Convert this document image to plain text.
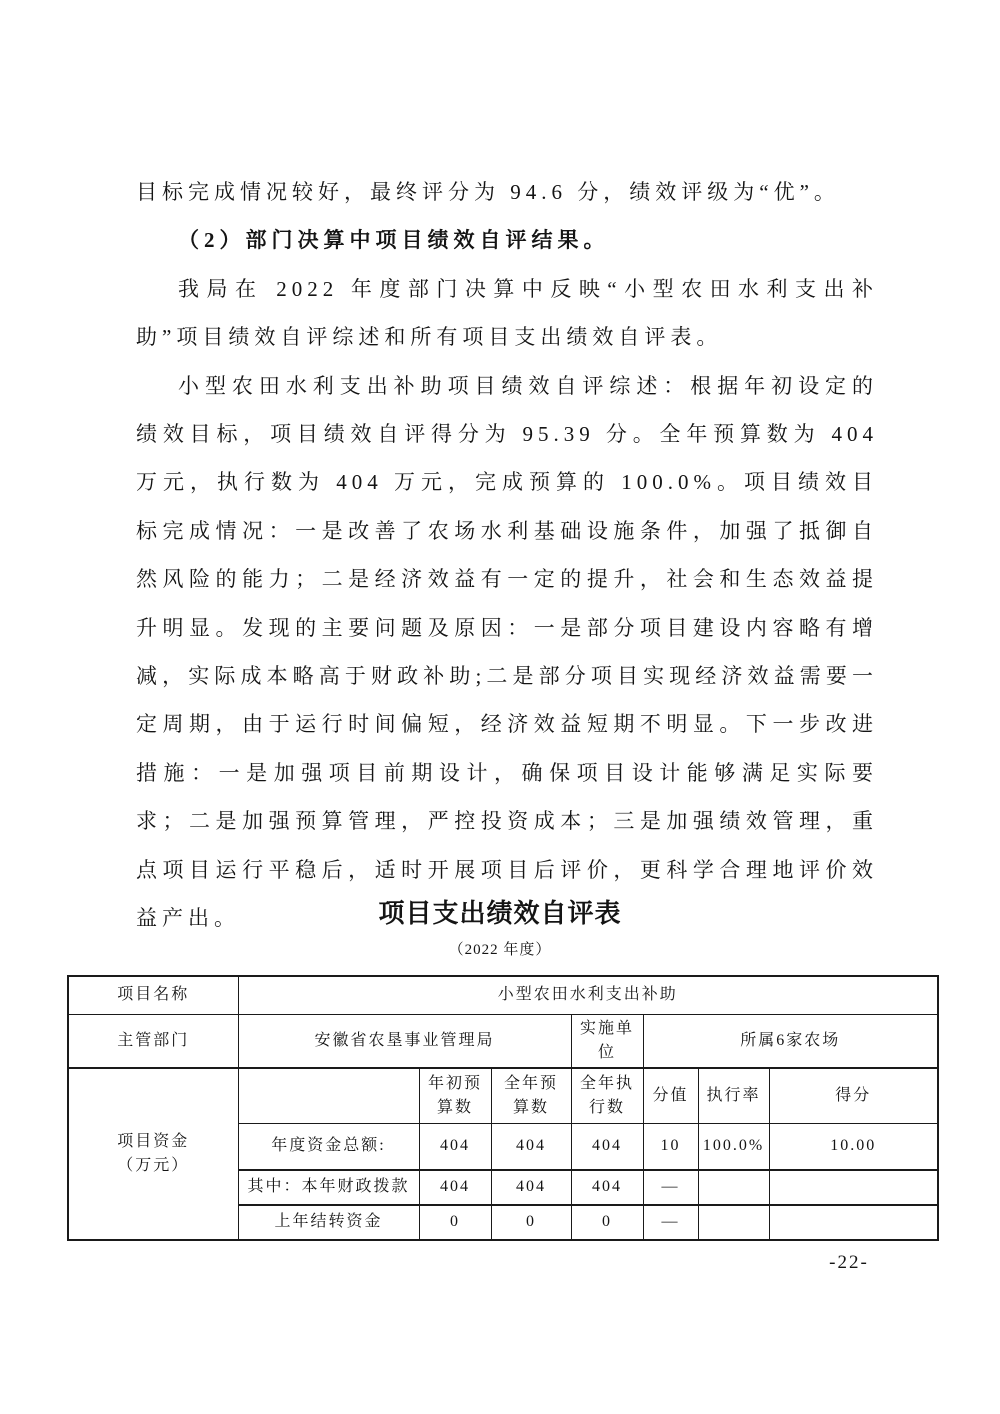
目标完成情况较好，最终评分为 94.6 分，绩效评级为“优”。

（2）部门决算中项目绩效自评结果。

我局在 2022 年度部门决算中反映“小型农田水利支出补助”项目绩效自评综述和所有项目支出绩效自评表。

小型农田水利支出补助项目绩效自评综述：根据年初设定的绩效目标，项目绩效自评得分为 95.39 分。全年预算数为 404 万元，执行数为 404 万元，完成预算的 100.0%。项目绩效目标完成情况：一是改善了农场水利基础设施条件，加强了抵御自然风险的能力；二是经济效益有一定的提升，社会和生态效益提升明显。发现的主要问题及原因：一是部分项目建设内容略有增减，实际成本略高于财政补助;二是部分项目实现经济效益需要一定周期，由于运行时间偏短，经济效益短期不明显。下一步改进措施：一是加强项目前期设计，确保项目设计能够满足实际要求；二是加强预算管理，严控投资成本；三是加强绩效管理，重点项目运行平稳后，适时开展项目后评价，更科学合理地评价效益产出。	项目支出绩效自评表
（2022 年度）
项目名称	小型农田水利支出补助						
主管部门	安徽省农垦事业管理局			实施单位	所属6家农场		

项目资金
（万元）		年初预算数	全年预算数	全年执行数	分值	执行率	得分
	年度资金总额:	404	404	404	10	100.0%	10.00
	其中：本年财政拨款	404	404	404	—		
	上年结转资金	0	0	0	—		
-22-
